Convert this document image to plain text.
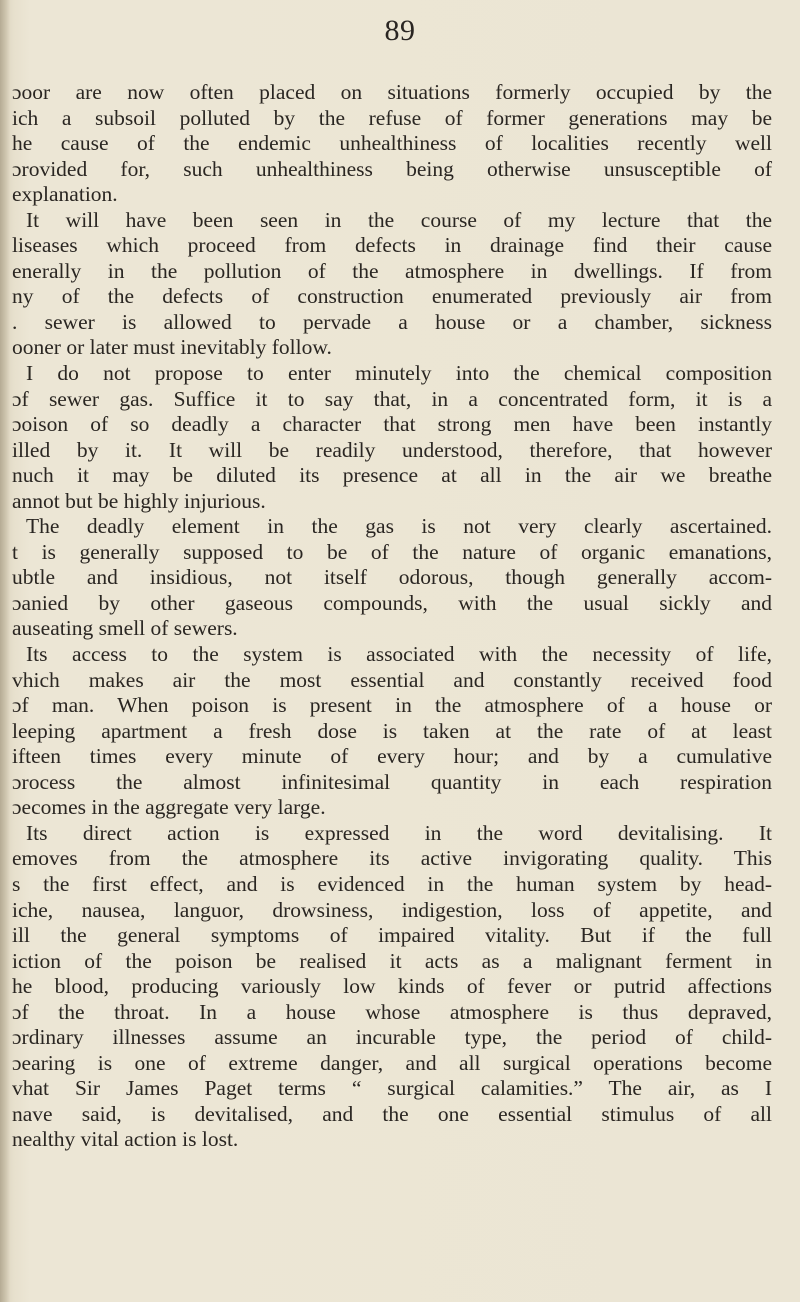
89
ɔoor are now often placed on situations formerly occupied by the
ich a subsoil polluted by the refuse of former generations may be
he cause of the endemic unhealthiness of localities recently well
ɔrovided for, such unhealthiness being otherwise unsusceptible of
explanation.
It will have been seen in the course of my lecture that the
liseases which proceed from defects in drainage find their cause
enerally in the pollution of the atmosphere in dwellings. If from
ny of the defects of construction enumerated previously air from
. sewer is allowed to pervade a house or a chamber, sickness
ooner or later must inevitably follow.
I do not propose to enter minutely into the chemical composition
ɔf sewer gas. Suffice it to say that, in a concentrated form, it is a
ɔoison of so deadly a character that strong men have been instantly
illed by it. It will be readily understood, therefore, that however
nuch it may be diluted its presence at all in the air we breathe
annot but be highly injurious.
The deadly element in the gas is not very clearly ascertained.
t is generally supposed to be of the nature of organic emanations,
ubtle and insidious, not itself odorous, though generally accom-
ɔanied by other gaseous compounds, with the usual sickly and
auseating smell of sewers.
Its access to the system is associated with the necessity of life,
vhich makes air the most essential and constantly received food
ɔf man. When poison is present in the atmosphere of a house or
leeping apartment a fresh dose is taken at the rate of at least
ifteen times every minute of every hour; and by a cumulative
ɔrocess the almost infinitesimal quantity in each respiration
ɔecomes in the aggregate very large.
Its direct action is expressed in the word devitalising. It
emoves from the atmosphere its active invigorating quality. This
s the first effect, and is evidenced in the human system by head-
iche, nausea, languor, drowsiness, indigestion, loss of appetite, and
ill the general symptoms of impaired vitality. But if the full
iction of the poison be realised it acts as a malignant ferment in
he blood, producing variously low kinds of fever or putrid affections
ɔf the throat. In a house whose atmosphere is thus depraved,
ɔrdinary illnesses assume an incurable type, the period of child-
ɔearing is one of extreme danger, and all surgical operations become
vhat Sir James Paget terms “ surgical calamities.” The air, as I
nave said, is devitalised, and the one essential stimulus of all
nealthy vital action is lost.
